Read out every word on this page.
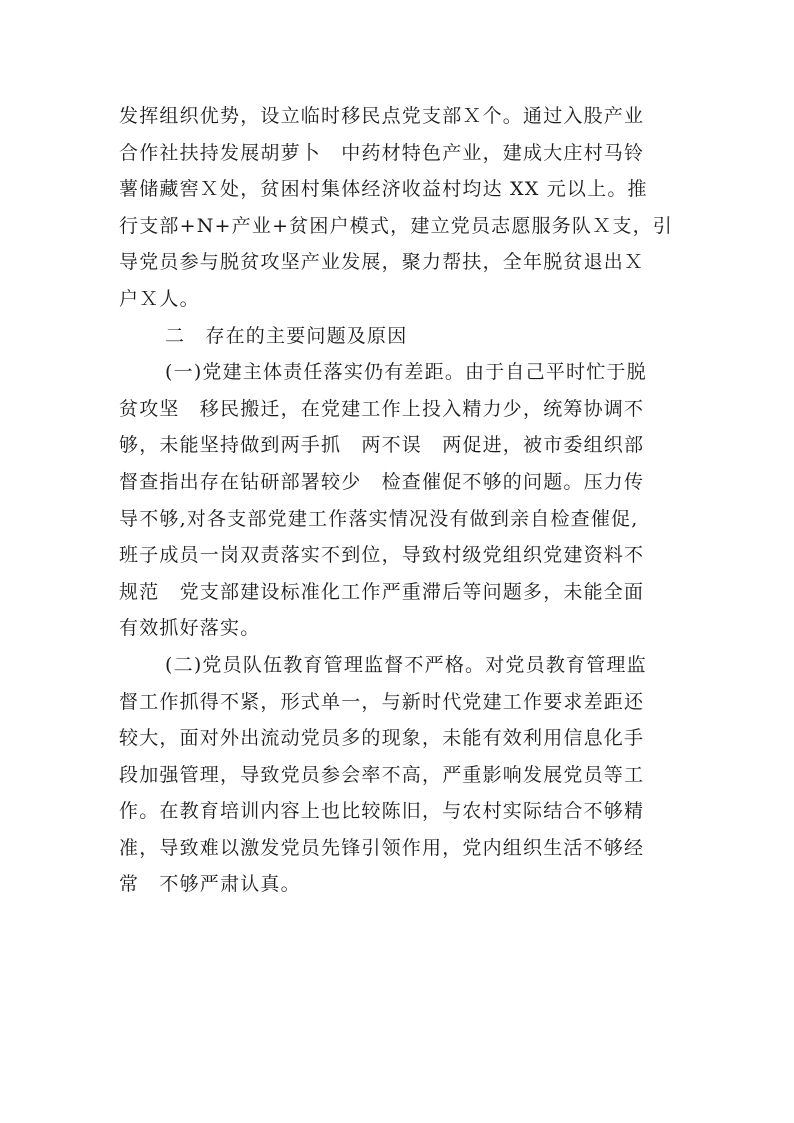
发挥组织优势，设立临时移民点党支部Ｘ个。通过入股产业
合作社扶持发展胡萝卜　中药材特色产业，建成大庄村马铃
薯储藏窖Ｘ处，贫困村集体经济收益村均达 XX 元以上。推
行支部+N+产业+贫困户模式，建立党员志愿服务队Ｘ支，引
导党员参与脱贫攻坚产业发展，聚力帮扶，全年脱贫退出Ｘ
户Ｘ人。
二　存在的主要问题及原因
(一)党建主体责任落实仍有差距。由于自己平时忙于脱
贫攻坚　移民搬迁，在党建工作上投入精力少，统筹协调不
够，未能坚持做到两手抓　两不误　两促进，被市委组织部
督查指出存在钻研部署较少　检查催促不够的问题。压力传
导不够,对各支部党建工作落实情况没有做到亲自检查催促,
班子成员一岗双责落实不到位，导致村级党组织党建资料不
规范　党支部建设标准化工作严重滞后等问题多，未能全面
有效抓好落实。
(二)党员队伍教育管理监督不严格。对党员教育管理监
督工作抓得不紧，形式单一，与新时代党建工作要求差距还
较大，面对外出流动党员多的现象，未能有效利用信息化手
段加强管理，导致党员参会率不高，严重影响发展党员等工
作。在教育培训内容上也比较陈旧，与农村实际结合不够精
准，导致难以激发党员先锋引领作用，党内组织生活不够经
常　不够严肃认真。
